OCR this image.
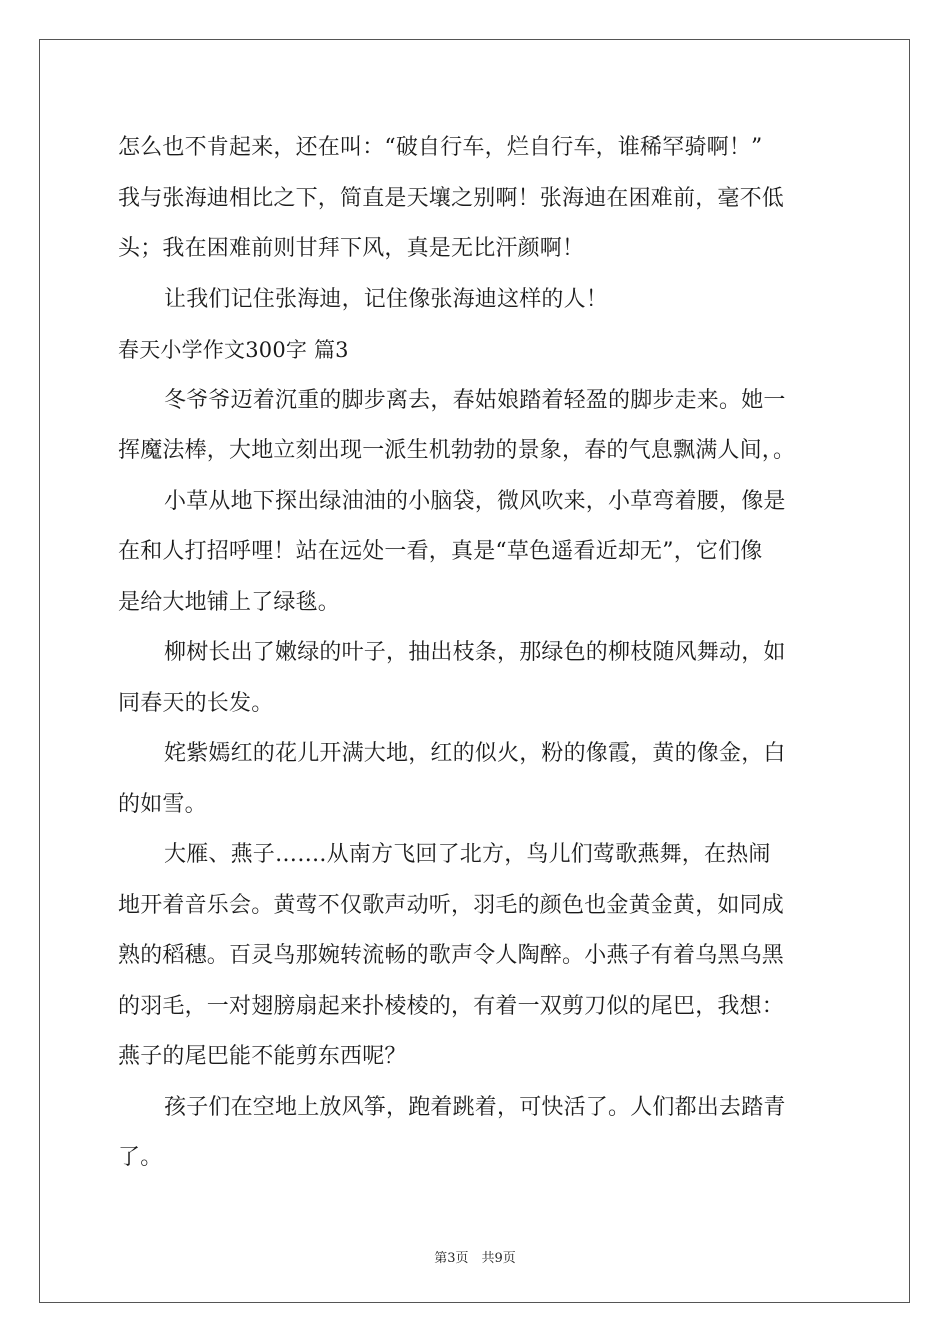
怎么也不肯起来，还在叫：“破自行车，烂自行车，谁稀罕骑啊！”
我与张海迪相比之下，简直是天壤之别啊！张海迪在困难前，毫不低
头；我在困难前则甘拜下风，真是无比汗颜啊！
让我们记住张海迪，记住像张海迪这样的人！
春天小学作文300字 篇3
冬爷爷迈着沉重的脚步离去，春姑娘踏着轻盈的脚步走来。她一
挥魔法棒，大地立刻出现一派生机勃勃的景象，春的气息飘满人间，。
小草从地下探出绿油油的小脑袋，微风吹来，小草弯着腰，像是
在和人打招呼哩！站在远处一看，真是“草色遥看近却无”，它们像
是给大地铺上了绿毯。
柳树长出了嫩绿的叶子，抽出枝条，那绿色的柳枝随风舞动，如
同春天的长发。
姹紫嫣红的花儿开满大地，红的似火，粉的像霞，黄的像金，白
的如雪。
大雁、燕子…….从南方飞回了北方，鸟儿们莺歌燕舞，在热闹
地开着音乐会。黄莺不仅歌声动听，羽毛的颜色也金黄金黄，如同成
熟的稻穗。百灵鸟那婉转流畅的歌声令人陶醉。小燕子有着乌黑乌黑
的羽毛，一对翅膀扇起来扑棱棱的，有着一双剪刀似的尾巴，我想：
燕子的尾巴能不能剪东西呢？
孩子们在空地上放风筝，跑着跳着，可快活了。人们都出去踏青
了。
第3页　共9页
